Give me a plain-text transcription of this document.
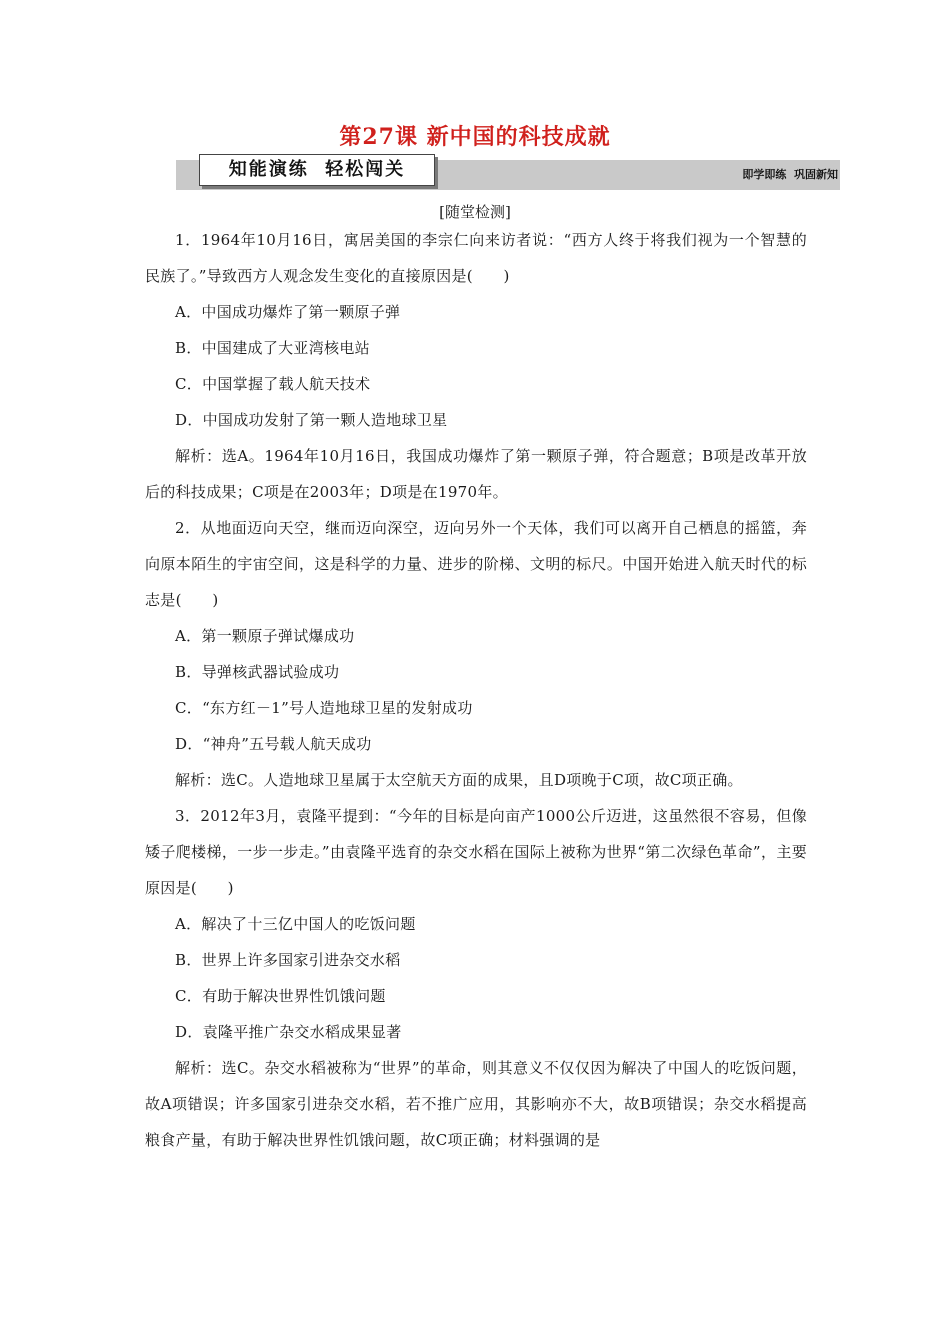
第27课 新中国的科技成就
知能演练  轻松闯关	即学即练  巩固新知
[随堂检测]

1．1964年10月16日，寓居美国的李宗仁向来访者说：“西方人终于将我们视为一个智慧的民族了。”导致西方人观念发生变化的直接原因是(　　)

A．中国成功爆炸了第一颗原子弹

B．中国建成了大亚湾核电站

C．中国掌握了载人航天技术

D．中国成功发射了第一颗人造地球卫星

解析：选A。1964年10月16日，我国成功爆炸了第一颗原子弹，符合题意；B项是改革开放后的科技成果；C项是在2003年；D项是在1970年。

2．从地面迈向天空，继而迈向深空，迈向另外一个天体，我们可以离开自己栖息的摇篮，奔向原本陌生的宇宙空间，这是科学的力量、进步的阶梯、文明的标尺。中国开始进入航天时代的标志是(　　)

A．第一颗原子弹试爆成功

B．导弹核武器试验成功

C．“东方红－1”号人造地球卫星的发射成功

D．“神舟”五号载人航天成功

解析：选C。人造地球卫星属于太空航天方面的成果，且D项晚于C项，故C项正确。

3．2012年3月，袁隆平提到：“今年的目标是向亩产1000公斤迈进，这虽然很不容易，但像矮子爬楼梯，一步一步走。”由袁隆平选育的杂交水稻在国际上被称为世界“第二次绿色革命”，主要原因是(　　)

A．解决了十三亿中国人的吃饭问题

B．世界上许多国家引进杂交水稻

C．有助于解决世界性饥饿问题

D．袁隆平推广杂交水稻成果显著

解析：选C。杂交水稻被称为“世界”的革命，则其意义不仅仅因为解决了中国人的吃饭问题，故A项错误；许多国家引进杂交水稻，若不推广应用，其影响亦不大，故B项错误；杂交水稻提高粮食产量，有助于解决世界性饥饿问题，故C项正确；材料强调的是
